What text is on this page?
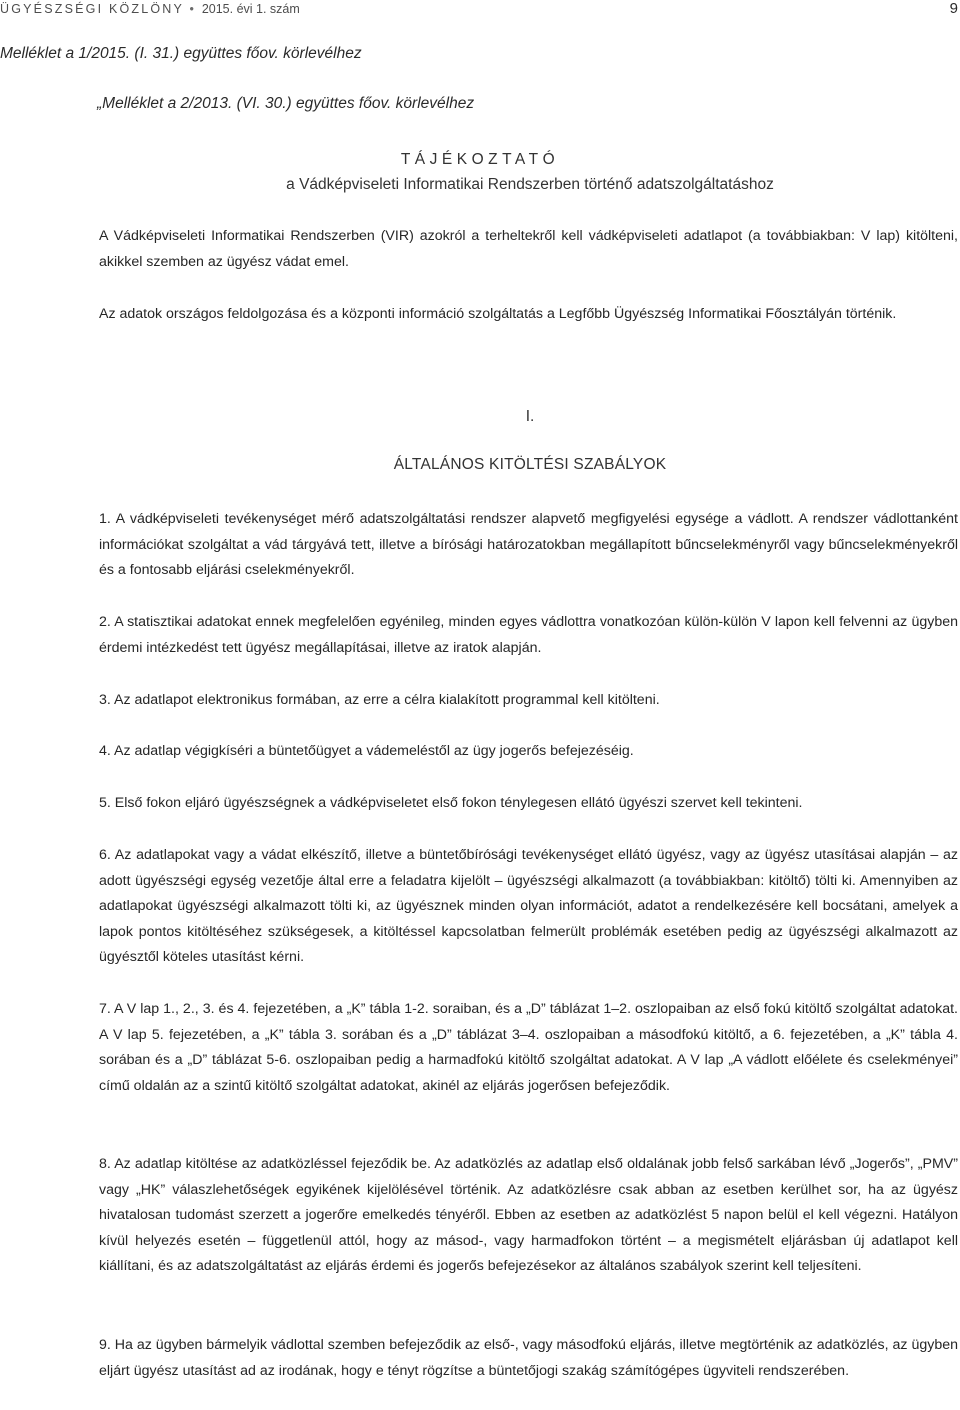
ÜGYÉSZSÉGI KÖZLÖNY • 2015. évi 1. szám	9
Melléklet a 1/2015. (I. 31.) együttes főov. körlevélhez
„Melléklet a 2/2013. (VI. 30.) együttes főov. körlevélhez
TÁJÉKOZTATÓ
a Vádképviseleti Informatikai Rendszerben történő adatszolgáltatáshoz
A Vádképviseleti Informatikai Rendszerben (VIR) azokról a terheltekről kell vádképviseleti adatlapot (a továbbiakban: V lap) kitölteni, akikkel szemben az ügyész vádat emel.
Az adatok országos feldolgozása és a központi információ szolgáltatás a Legfőbb Ügyészség Informatikai Főosztályán történik.
I.
ÁLTALÁNOS KITÖLTÉSI SZABÁLYOK
1. A vádképviseleti tevékenységet mérő adatszolgáltatási rendszer alapvető megfigyelési egysége a vádlott. A rendszer vádlottanként információkat szolgáltat a vád tárgyává tett, illetve a bírósági határozatokban megállapított bűncselekményről vagy bűncselekményekről és a fontosabb eljárási cselekményekről.
2. A statisztikai adatokat ennek megfelelően egyénileg, minden egyes vádlottra vonatkozóan külön-külön V lapon kell felvenni az ügyben érdemi intézkedést tett ügyész megállapításai, illetve az iratok alapján.
3. Az adatlapot elektronikus formában, az erre a célra kialakított programmal kell kitölteni.
4. Az adatlap végigkíséri a büntetőügyet a vádemeléstől az ügy jogerős befejezéséig.
5. Első fokon eljáró ügyészségnek a vádképviseletet első fokon ténylegesen ellátó ügyészi szervet kell tekinteni.
6. Az adatlapokat vagy a vádat elkészítő, illetve a büntetőbírósági tevékenységet ellátó ügyész, vagy az ügyész utasításai alapján – az adott ügyészségi egység vezetője által erre a feladatra kijelölt – ügyészségi alkalmazott (a továbbiakban: kitöltő) tölti ki. Amennyiben az adatlapokat ügyészségi alkalmazott tölti ki, az ügyésznek minden olyan információt, adatot a rendelkezésére kell bocsátani, amelyek a lapok pontos kitöltéséhez szükségesek, a kitöltéssel kapcsolatban felmerült problémák esetében pedig az ügyészségi alkalmazott az ügyésztől köteles utasítást kérni.
7. A V lap 1., 2., 3. és 4. fejezetében, a „K” tábla 1-2. soraiban, és a „D” táblázat 1–2. oszlopaiban az első fokú kitöltő szolgáltat adatokat. A V lap 5. fejezetében, a „K” tábla 3. sorában és a „D” táblázat 3–4. oszlopaiban a másodfokú kitöltő, a 6. fejezetében, a „K” tábla 4. sorában és a „D” táblázat 5-6. oszlopaiban pedig a harmadfokú kitöltő szolgáltat adatokat. A V lap „A vádlott előélete és cselekményei” című oldalán az a szintű kitöltő szolgáltat adatokat, akinél az eljárás jogerősen befejeződik.
8. Az adatlap kitöltése az adatközléssel fejeződik be. Az adatközlés az adatlap első oldalának jobb felső sarkában lévő „Jogerős”, „PMV” vagy „HK” válaszlehetőségek egyikének kijelölésével történik. Az adatközlésre csak abban az esetben kerülhet sor, ha az ügyész hivatalosan tudomást szerzett a jogerőre emelkedés tényéről. Ebben az esetben az adatközlést 5 napon belül el kell végezni. Hatályon kívül helyezés esetén – függetlenül attól, hogy az másod-, vagy harmadfokon történt – a megismételt eljárásban új adatlapot kell kiállítani, és az adatszolgáltatást az eljárás érdemi és jogerős befejezésekor az általános szabályok szerint kell teljesíteni.
9. Ha az ügyben bármelyik vádlottal szemben befejeződik az első-, vagy másodfokú eljárás, illetve megtörténik az adatközlés, az ügyben eljárt ügyész utasítást ad az irodának, hogy e tényt rögzítse a büntetőjogi szakág számítógépes ügyviteli rendszerében.
